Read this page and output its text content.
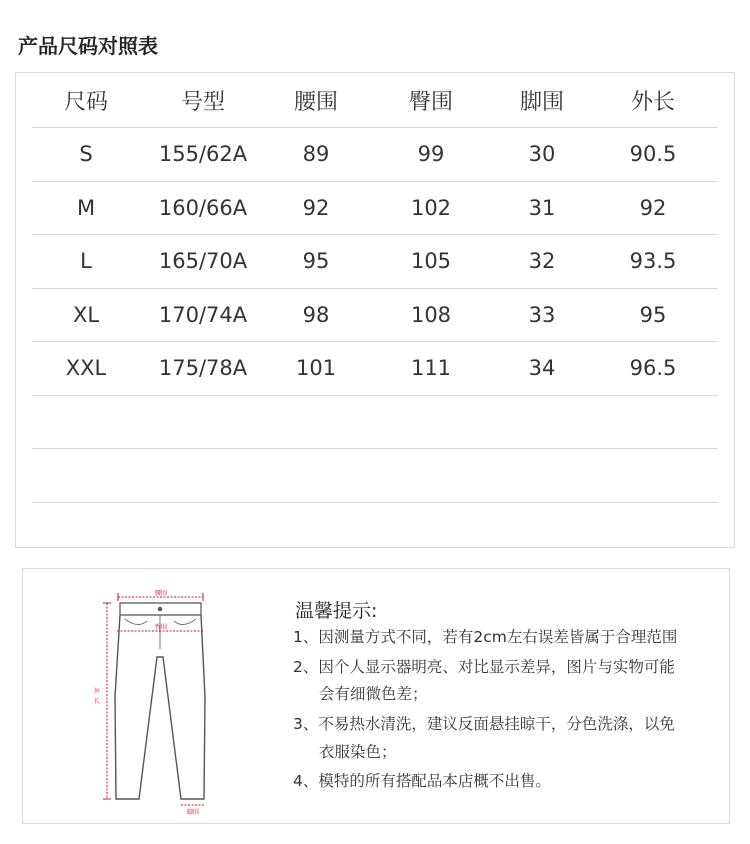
产品尺码对照表
尺码	号型	腰围	臀围	脚围	外长
S	155/62A	89	99	30	90.5
M	160/66A	92	102	31	92
L	165/70A	95	105	32	93.5
XL	170/74A	98	108	33	95
XXL	175/78A	101	111	34	96.5
腰围
臀围
外
长
脚围
温馨提示:
1、因测量方式不同，若有2cm左右误差皆属于合理范围
2、因个人显示器明亮、对比显示差异，图片与实物可能
会有细微色差；
3、不易热水清洗，建议反面悬挂晾干，分色洗涤，以免
衣服染色；
4、模特的所有搭配品本店概不出售。
